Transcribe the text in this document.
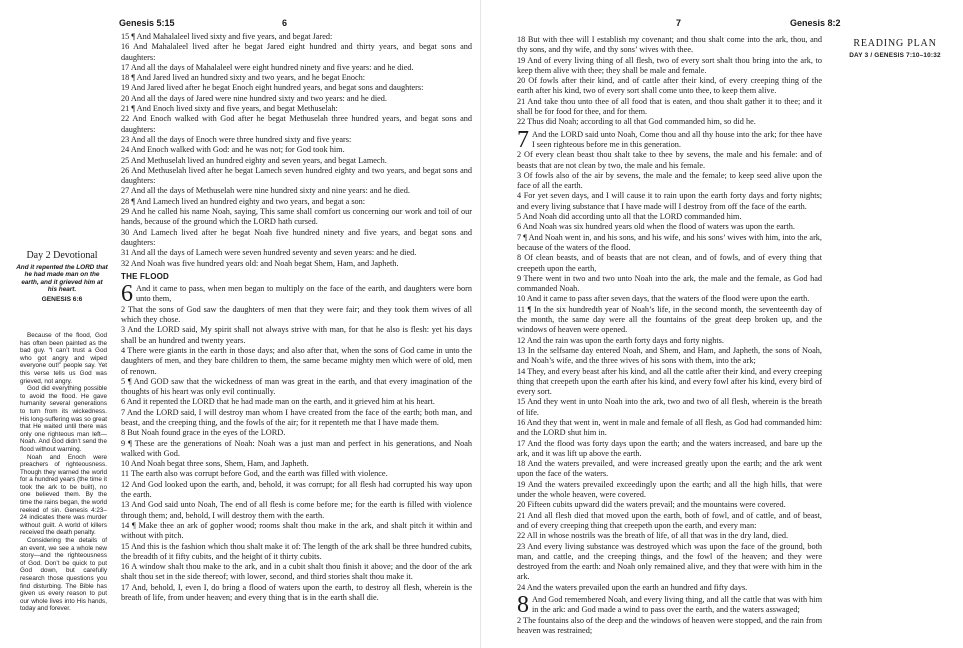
Genesis 5:15	6
Day 2 Devotional
And it repented the LORD that he had made man on the earth, and it grieved him at his heart.
GENESIS 6:6

Because of the flood, God has often been painted as the bad guy. “I can’t trust a God who got angry and wiped everyone out!” people say. Yet this verse tells us God was grieved, not angry.

God did everything possible to avoid the flood. He gave humanity several generations to turn from its wickedness. His long-suffering was so great that He waited until there was only one righteous man left—Noah. And God didn’t send the flood without warning.

Noah and Enoch were preachers of righteousness. Though they warned the world for a hundred years (the time it took the ark to be built), no one believed them. By the time the rains began, the world reeked of sin. Genesis 4:23–24 indicates there was murder without guilt. A world of killers received the death penalty.

Considering the details of an event, we see a whole new story—and the righteousness of God. Don’t be quick to put God down, but carefully research those questions you find disturbing. The Bible has given us every reason to put our whole lives into His hands, today and forever.

15 ¶ And Mahalaleel lived sixty and five years, and begat Jared:

16 And Mahalaleel lived after he begat Jared eight hundred and thirty years, and begat sons and daughters:

17 And all the days of Mahalaleel were eight hundred ninety and five years: and he died.

18 ¶ And Jared lived an hundred sixty and two years, and he begat Enoch:

19 And Jared lived after he begat Enoch eight hundred years, and begat sons and daughters:

20 And all the days of Jared were nine hundred sixty and two years: and he died.

21 ¶ And Enoch lived sixty and five years, and begat Methuselah:

22 And Enoch walked with God after he begat Methuselah three hundred years, and begat sons and daughters:

23 And all the days of Enoch were three hundred sixty and five years:

24 And Enoch walked with God: and he was not; for God took him.

25 And Methuselah lived an hundred eighty and seven years, and begat Lamech.

26 And Methuselah lived after he begat Lamech seven hundred eighty and two years, and begat sons and daughters:

27 And all the days of Methuselah were nine hundred sixty and nine years: and he died.

28 ¶ And Lamech lived an hundred eighty and two years, and begat a son:

29 And he called his name Noah, saying, This same shall comfort us concerning our work and toil of our hands, because of the ground which the LORD hath cursed.

30 And Lamech lived after he begat Noah five hundred ninety and five years, and begat sons and daughters:

31 And all the days of Lamech were seven hundred seventy and seven years: and he died.

32 And Noah was five hundred years old: and Noah begat Shem, Ham, and Japheth.

THE FLOOD
6 And it came to pass, when men began to multiply on the face of the earth, and daughters were born unto them,

2 That the sons of God saw the daughters of men that they were fair; and they took them wives of all which they chose.

3 And the LORD said, My spirit shall not always strive with man, for that he also is flesh: yet his days shall be an hundred and twenty years.

4 There were giants in the earth in those days; and also after that, when the sons of God came in unto the daughters of men, and they bare children to them, the same became mighty men which were of old, men of renown.

5 ¶ And GOD saw that the wickedness of man was great in the earth, and that every imagination of the thoughts of his heart was only evil continually.

6 And it repented the LORD that he had made man on the earth, and it grieved him at his heart.

7 And the LORD said, I will destroy man whom I have created from the face of the earth; both man, and beast, and the creeping thing, and the fowls of the air; for it repenteth me that I have made them.

8 But Noah found grace in the eyes of the LORD.

9 ¶ These are the generations of Noah: Noah was a just man and perfect in his generations, and Noah walked with God.

10 And Noah begat three sons, Shem, Ham, and Japheth.

11 The earth also was corrupt before God, and the earth was filled with violence.

12 And God looked upon the earth, and, behold, it was corrupt; for all flesh had corrupted his way upon the earth.

13 And God said unto Noah, The end of all flesh is come before me; for the earth is filled with violence through them; and, behold, I will destroy them with the earth.

14 ¶ Make thee an ark of gopher wood; rooms shalt thou make in the ark, and shalt pitch it within and without with pitch.

15 And this is the fashion which thou shalt make it of: The length of the ark shall be three hundred cubits, the breadth of it fifty cubits, and the height of it thirty cubits.

16 A window shalt thou make to the ark, and in a cubit shalt thou finish it above; and the door of the ark shalt thou set in the side thereof; with lower, second, and third stories shalt thou make it.

17 And, behold, I, even I, do bring a flood of waters upon the earth, to destroy all flesh, wherein is the breath of life, from under heaven; and every thing that is in the earth shall die.

7	Genesis 8:2
READING PLAN
DAY 3 / GENESIS 7:10–10:32

18 But with thee will I establish my covenant; and thou shalt come into the ark, thou, and thy sons, and thy wife, and thy sons’ wives with thee.

19 And of every living thing of all flesh, two of every sort shalt thou bring into the ark, to keep them alive with thee; they shall be male and female.

20 Of fowls after their kind, and of cattle after their kind, of every creeping thing of the earth after his kind, two of every sort shall come unto thee, to keep them alive.

21 And take thou unto thee of all food that is eaten, and thou shalt gather it to thee; and it shall be for food for thee, and for them.

22 Thus did Noah; according to all that God commanded him, so did he.

7 And the LORD said unto Noah, Come thou and all thy house into the ark; for thee have I seen righteous before me in this generation.

2 Of every clean beast thou shalt take to thee by sevens, the male and his female: and of beasts that are not clean by two, the male and his female.

3 Of fowls also of the air by sevens, the male and the female; to keep seed alive upon the face of all the earth.

4 For yet seven days, and I will cause it to rain upon the earth forty days and forty nights; and every living substance that I have made will I destroy from off the face of the earth.

5 And Noah did according unto all that the LORD commanded him.

6 And Noah was six hundred years old when the flood of waters was upon the earth.

7 ¶ And Noah went in, and his sons, and his wife, and his sons’ wives with him, into the ark, because of the waters of the flood.

8 Of clean beasts, and of beasts that are not clean, and of fowls, and of every thing that creepeth upon the earth,

9 There went in two and two unto Noah into the ark, the male and the female, as God had commanded Noah.

10 And it came to pass after seven days, that the waters of the flood were upon the earth.

11 ¶ In the six hundredth year of Noah’s life, in the second month, the seventeenth day of the month, the same day were all the fountains of the great deep broken up, and the windows of heaven were opened.

12 And the rain was upon the earth forty days and forty nights.

13 In the selfsame day entered Noah, and Shem, and Ham, and Japheth, the sons of Noah, and Noah’s wife, and the three wives of his sons with them, into the ark;

14 They, and every beast after his kind, and all the cattle after their kind, and every creeping thing that creepeth upon the earth after his kind, and every fowl after his kind, every bird of every sort.

15 And they went in unto Noah into the ark, two and two of all flesh, wherein is the breath of life.

16 And they that went in, went in male and female of all flesh, as God had commanded him: and the LORD shut him in.

17 And the flood was forty days upon the earth; and the waters increased, and bare up the ark, and it was lift up above the earth.

18 And the waters prevailed, and were increased greatly upon the earth; and the ark went upon the face of the waters.

19 And the waters prevailed exceedingly upon the earth; and all the high hills, that were under the whole heaven, were covered.

20 Fifteen cubits upward did the waters prevail; and the mountains were covered.

21 And all flesh died that moved upon the earth, both of fowl, and of cattle, and of beast, and of every creeping thing that creepeth upon the earth, and every man:

22 All in whose nostrils was the breath of life, of all that was in the dry land, died.

23 And every living substance was destroyed which was upon the face of the ground, both man, and cattle, and the creeping things, and the fowl of the heaven; and they were destroyed from the earth: and Noah only remained alive, and they that were with him in the ark.

24 And the waters prevailed upon the earth an hundred and fifty days.

8 And God remembered Noah, and every living thing, and all the cattle that was with him in the ark: and God made a wind to pass over the earth, and the waters asswaged;

2 The fountains also of the deep and the windows of heaven were stopped, and the rain from heaven was restrained;
